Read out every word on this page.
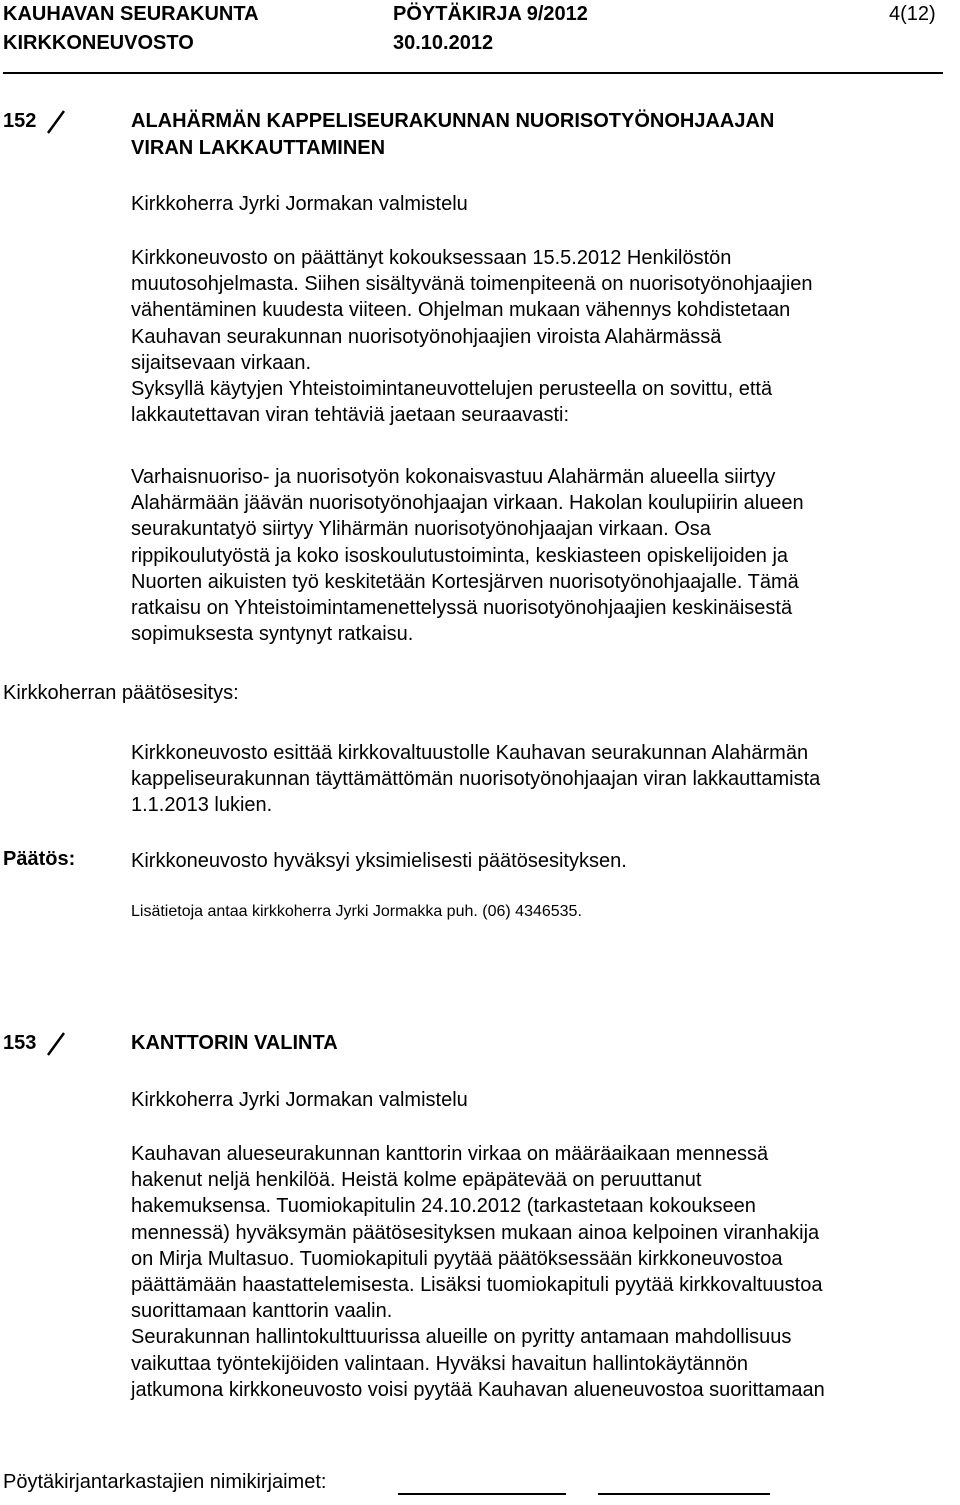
KAUHAVAN SEURAKUNTA	PÖYTÄKIRJA 9/2012	4(12)
KIRKKONEUVOSTO	30.10.2012
152	ALAHÄRMÄN KAPPELISEURAKUNNAN NUORISOTYÖNOHJAAJAN
VIRAN LAKKAUTTAMINEN
Kirkkoherra Jyrki Jormakan valmistelu
Kirkkoneuvosto on päättänyt kokouksessaan 15.5.2012 Henkilöstön
muutosohjelmasta. Siihen sisältyvänä toimenpiteenä on nuorisotyönohjaajien
vähentäminen kuudesta viiteen. Ohjelman mukaan vähennys kohdistetaan
Kauhavan seurakunnan nuorisotyönohjaajien viroista Alahärmässä
sijaitsevaan virkaan.
Syksyllä käytyjen Yhteistoimintaneuvottelujen perusteella on sovittu, että
lakkautettavan viran tehtäviä jaetaan seuraavasti:
Varhaisnuoriso- ja nuorisotyön kokonaisvastuu Alahärmän alueella siirtyy
Alahärmään jäävän nuorisotyönohjaajan virkaan. Hakolan koulupiirin alueen
seurakuntatyö siirtyy Ylihärmän nuorisotyönohjaajan virkaan. Osa
rippikoulutyöstä ja koko isoskoulutustoiminta, keskiasteen opiskelijoiden ja
Nuorten aikuisten työ keskitetään Kortesjärven nuorisotyönohjaajalle. Tämä
ratkaisu on Yhteistoimintamenettelyssä nuorisotyönohjaajien keskinäisestä
sopimuksesta syntynyt ratkaisu.
Kirkkoherran päätösesitys:
Kirkkoneuvosto esittää kirkkovaltuustolle Kauhavan seurakunnan Alahärmän
kappeliseurakunnan täyttämättömän nuorisotyönohjaajan viran lakkauttamista
1.1.2013 lukien.
Päätös:	Kirkkoneuvosto hyväksyi yksimielisesti päätösesityksen.
Lisätietoja antaa kirkkoherra Jyrki Jormakka puh. (06) 4346535.
153	KANTTORIN VALINTA
Kirkkoherra Jyrki Jormakan valmistelu
Kauhavan alueseurakunnan kanttorin virkaa on määräaikaan mennessä
hakenut neljä henkilöä. Heistä kolme epäpätevää on peruuttanut
hakemuksensa. Tuomiokapitulin 24.10.2012 (tarkastetaan kokoukseen
mennessä) hyväksymän päätösesityksen mukaan ainoa kelpoinen viranhakija
on Mirja Multasuo. Tuomiokapituli pyytää päätöksessään kirkkoneuvostoa
päättämään haastattelemisesta. Lisäksi tuomiokapituli pyytää kirkkovaltuustoa
suorittamaan kanttorin vaalin.
Seurakunnan hallintokulttuurissa alueille on pyritty antamaan mahdollisuus
vaikuttaa työntekijöiden valintaan. Hyväksi havaitun hallintokäytännön
jatkumona kirkkoneuvosto voisi pyytää Kauhavan alueneuvostoa suorittamaan
Pöytäkirjantarkastajien nimikirjaimet:
